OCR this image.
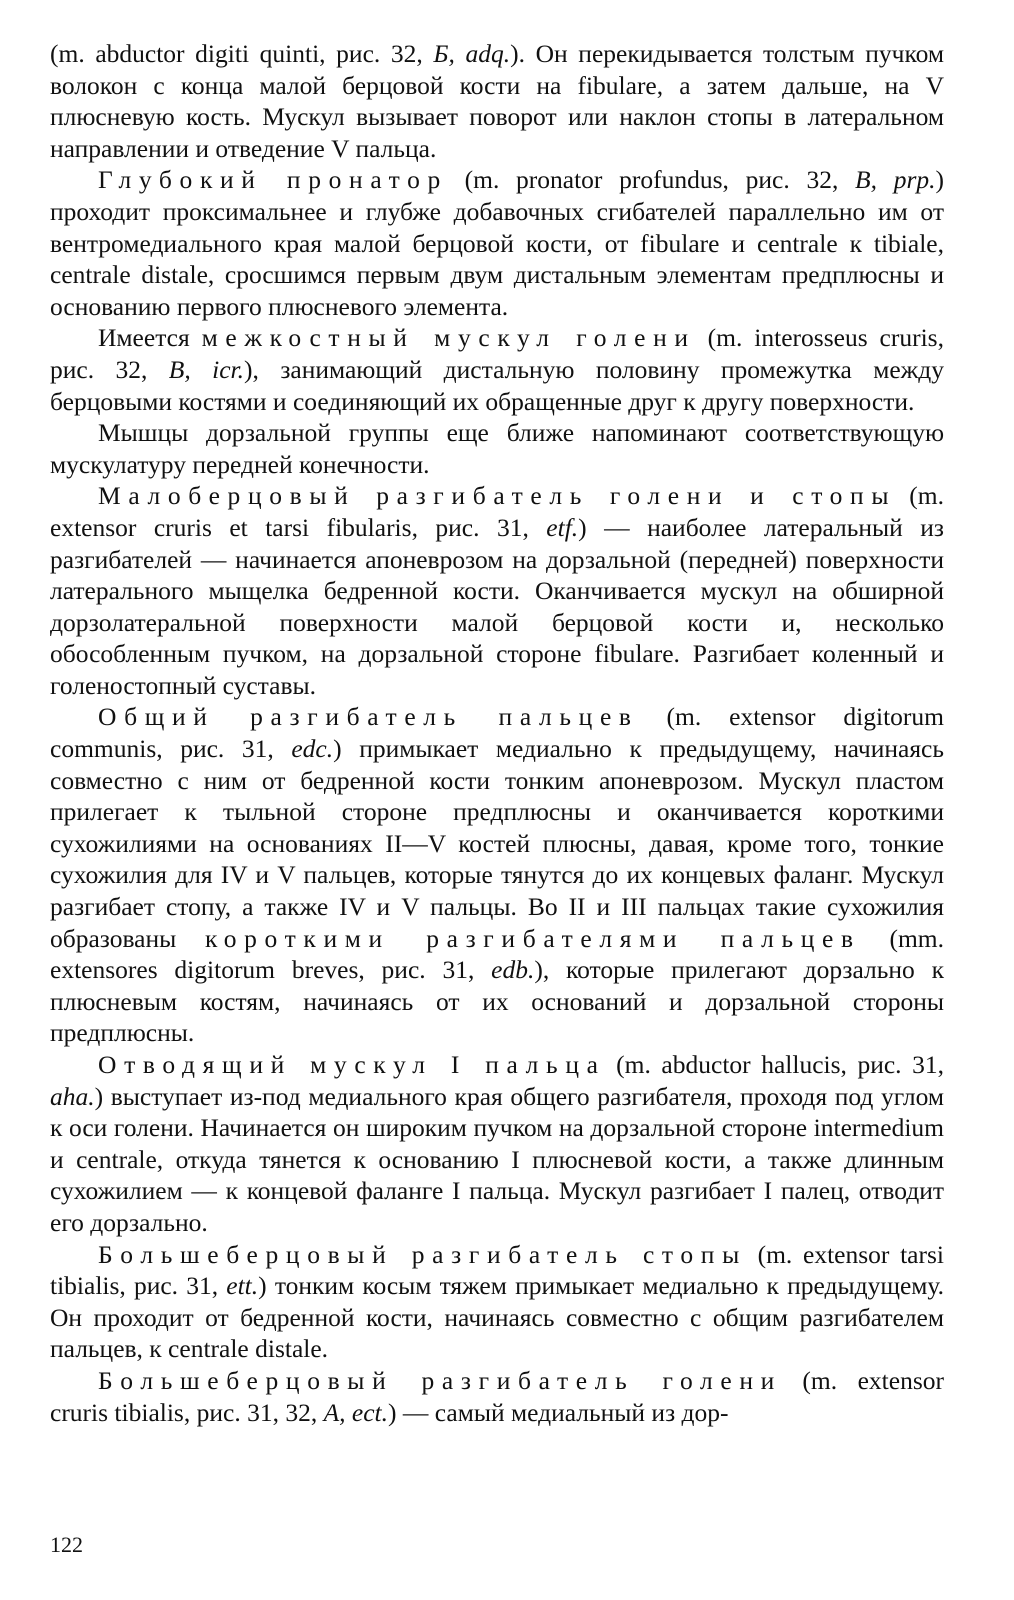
(m. abductor digiti quinti, рис. 32, Б, adq.). Он перекидывается толстым пучком волокон с конца малой берцовой кости на fibulare, а затем дальше, на V плюсневую кость. Мускул вызывает поворот или наклон стопы в латеральном направлении и отведение V пальца.

Глубокий пронатор (m. pronator profundus, рис. 32, В, prp.) проходит проксимальнее и глубже добавочных сгибателей параллельно им от вентромедиального края малой берцовой кости, от fibulare и centrale к tibiale, centrale distale, сросшимся первым двум дистальным элементам предплюсны и основанию первого плюсневого элемента.

Имеется межкостный мускул голени (m. interosseus cruris, рис. 32, В, icr.), занимающий дистальную половину промежутка между берцовыми костями и соединяющий их обращенные друг к другу поверхности.

Мышцы дорзальной группы еще ближе напоминают соответствующую мускулатуру передней конечности.

Малоберцовый разгибатель голени и стопы (m. extensor cruris et tarsi fibularis, рис. 31, etf.) — наиболее латеральный из разгибателей — начинается апоневрозом на дорзальной (передней) поверхности латерального мыщелка бедренной кости. Оканчивается мускул на обширной дорзолатеральной поверхности малой берцовой кости и, несколько обособленным пучком, на дорзальной стороне fibulare. Разгибает коленный и голеностопный суставы.

Общий разгибатель пальцев (m. extensor digitorum communis, рис. 31, edc.) примыкает медиально к предыдущему, начинаясь совместно с ним от бедренной кости тонким апоневрозом. Мускул пластом прилегает к тыльной стороне предплюсны и оканчивается короткими сухожилиями на основаниях II—V костей плюсны, давая, кроме того, тонкие сухожилия для IV и V пальцев, которые тянутся до их концевых фаланг. Мускул разгибает стопу, а также IV и V пальцы. Во II и III пальцах такие сухожилия образованы короткими разгибателями пальцев (mm. extensores digitorum breves, рис. 31, edb.), которые прилегают дорзально к плюсневым костям, начинаясь от их оснований и дорзальной стороны предплюсны.

Отводящий мускул I пальца (m. abductor hallucis, рис. 31, aha.) выступает из-под медиального края общего разгибателя, проходя под углом к оси голени. Начинается он широким пучком на дорзальной стороне intermedium и centrale, откуда тянется к основанию I плюсневой кости, а также длинным сухожилием — к концевой фаланге I пальца. Мускул разгибает I палец, отводит его дорзально.

Большеберцовый разгибатель стопы (m. extensor tarsi tibialis, рис. 31, ett.) тонким косым тяжем примыкает медиально к предыдущему. Он проходит от бедренной кости, начинаясь совместно с общим разгибателем пальцев, к centrale distale.

Большеберцовый разгибатель голени (m. extensor cruris tibialis, рис. 31, 32, A, ect.) — самый медиальный из дор-

122
